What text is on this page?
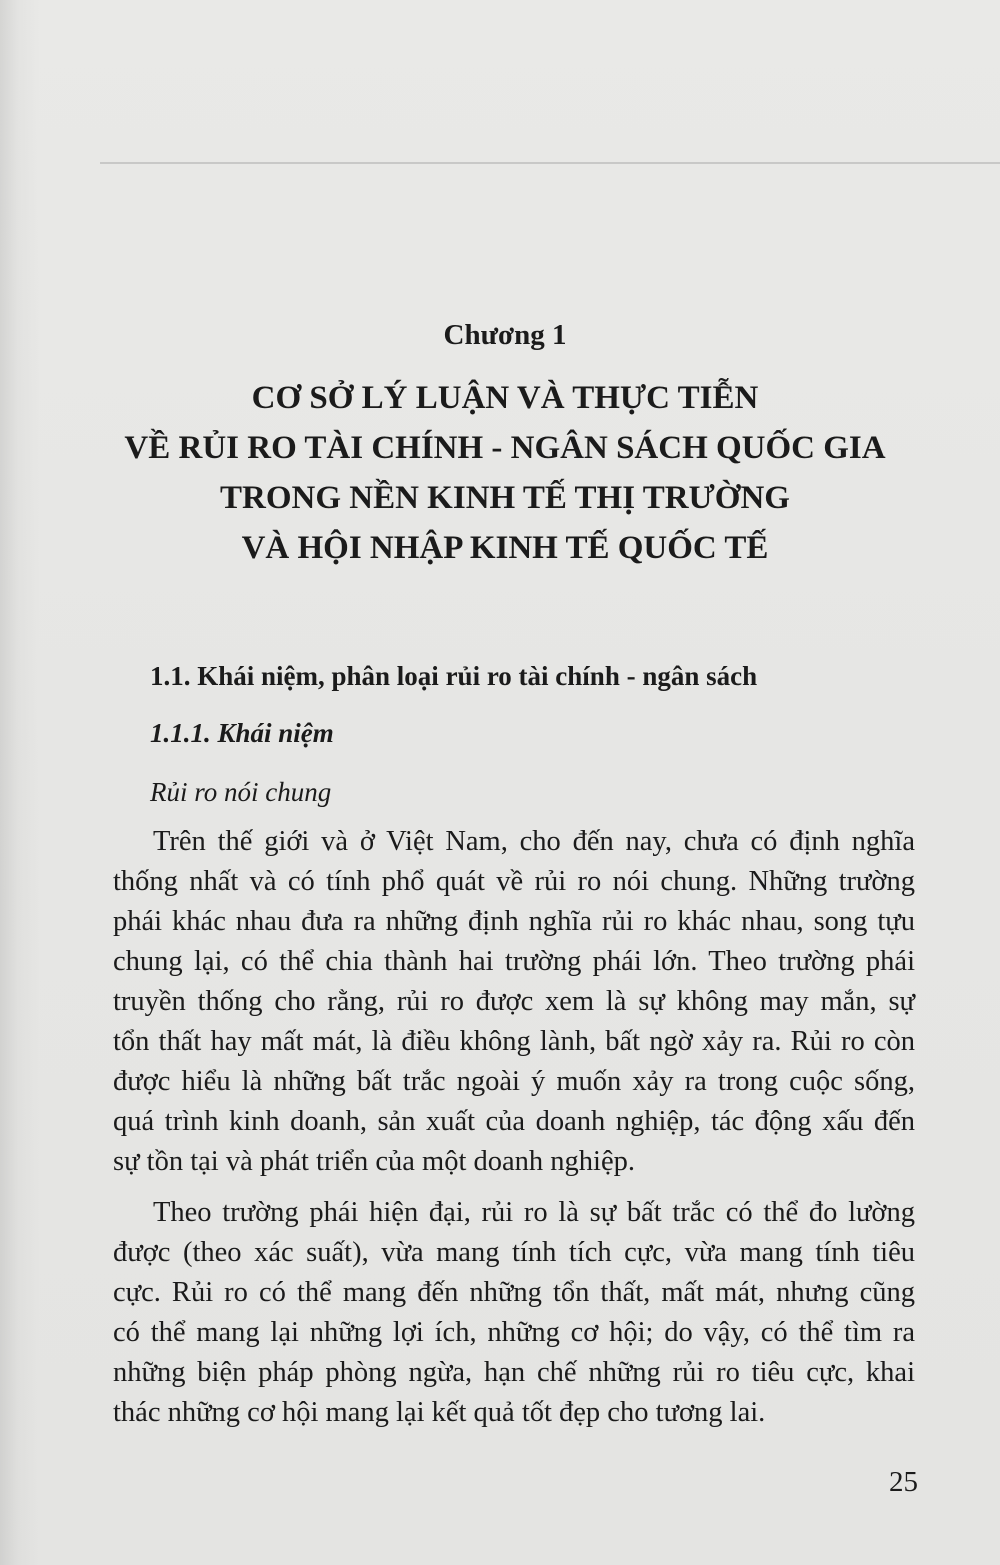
Chương 1
CƠ SỞ LÝ LUẬN VÀ THỰC TIỄN
VỀ RỦI RO TÀI CHÍNH - NGÂN SÁCH QUỐC GIA
TRONG NỀN KINH TẾ THỊ TRƯỜNG
VÀ HỘI NHẬP KINH TẾ QUỐC TẾ
1.1. Khái niệm, phân loại rủi ro tài chính - ngân sách
1.1.1. Khái niệm
Rủi ro nói chung
Trên thế giới và ở Việt Nam, cho đến nay, chưa có định nghĩa
thống nhất và có tính phổ quát về rủi ro nói chung. Những trường
phái khác nhau đưa ra những định nghĩa rủi ro khác nhau, song tựu
chung lại, có thể chia thành hai trường phái lớn. Theo trường phái
truyền thống cho rằng, rủi ro được xem là sự không may mắn, sự
tổn thất hay mất mát, là điều không lành, bất ngờ xảy ra. Rủi ro còn
được hiểu là những bất trắc ngoài ý muốn xảy ra trong cuộc sống,
quá trình kinh doanh, sản xuất của doanh nghiệp, tác động xấu đến
sự tồn tại và phát triển của một doanh nghiệp.
Theo trường phái hiện đại, rủi ro là sự bất trắc có thể đo lường
được (theo xác suất), vừa mang tính tích cực, vừa mang tính tiêu
cực. Rủi ro có thể mang đến những tổn thất, mất mát, nhưng cũng
có thể mang lại những lợi ích, những cơ hội; do vậy, có thể tìm ra
những biện pháp phòng ngừa, hạn chế những rủi ro tiêu cực, khai
thác những cơ hội mang lại kết quả tốt đẹp cho tương lai.
25
